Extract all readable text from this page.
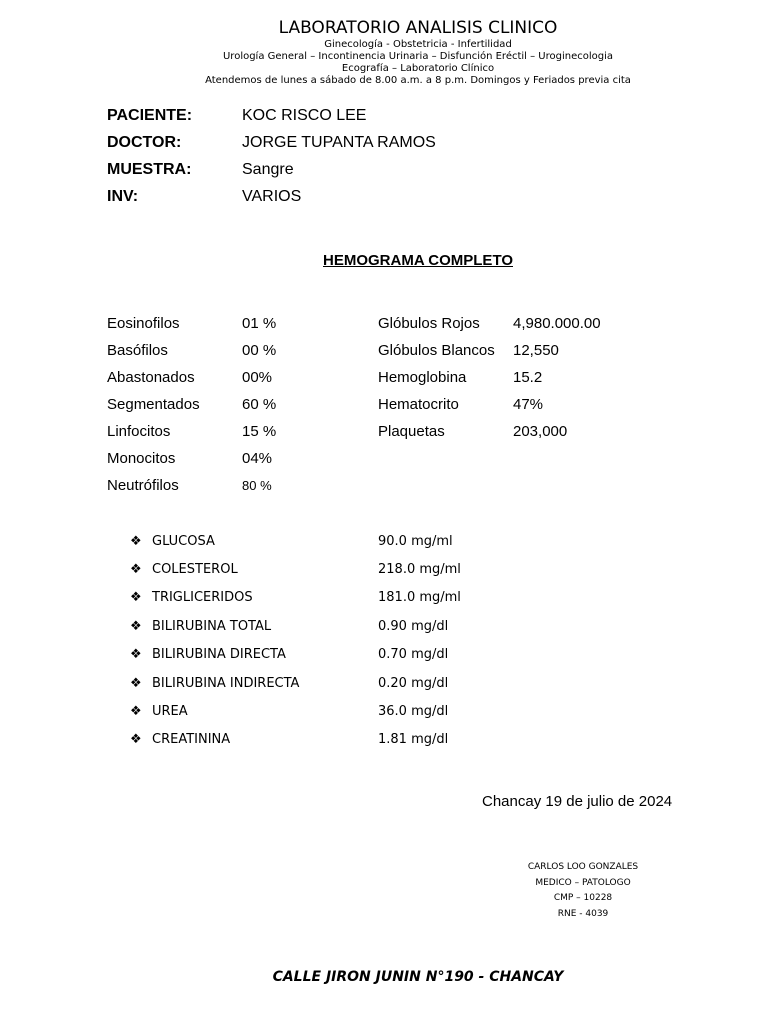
LABORATORIO ANALISIS CLINICO
Ginecología - Obstetricia - Infertilidad
Urología General – Incontinencia Urinaria – Disfunción Eréctil – Uroginecologia
Ecografía – Laboratorio Clínico
Atendemos de lunes a sábado de 8.00 a.m. a 8 p.m. Domingos y Feriados previa cita
PACIENTE:	KOC RISCO LEE
DOCTOR:	JORGE TUPANTA RAMOS
MUESTRA:	Sangre
INV:	VARIOS
HEMOGRAMA COMPLETO
Eosinofilos	01 %
Basófilos	00 %
Abastonados	00%
Segmentados	60 %
Linfocitos	15 %
Monocitos	04%
Neutrófilos	80 %
Glóbulos Rojos	4,980.000.00
Glóbulos Blancos	12,550
Hemoglobina	15.2
Hematocrito	47%
Plaquetas	203,000
❖ GLUCOSA	90.0 mg/ml
❖ COLESTEROL	218.0 mg/ml
❖ TRIGLICERIDOS	181.0 mg/ml
❖ BILIRUBINA TOTAL	0.90 mg/dl
❖ BILIRUBINA DIRECTA	0.70 mg/dl
❖ BILIRUBINA INDIRECTA	0.20 mg/dl
❖ UREA	36.0 mg/dl
❖ CREATININA	1.81 mg/dl
Chancay 19 de julio de 2024
CARLOS LOO GONZALES
MEDICO – PATOLOGO
CMP – 10228
RNE - 4039
CALLE JIRON JUNIN N°190 - CHANCAY
